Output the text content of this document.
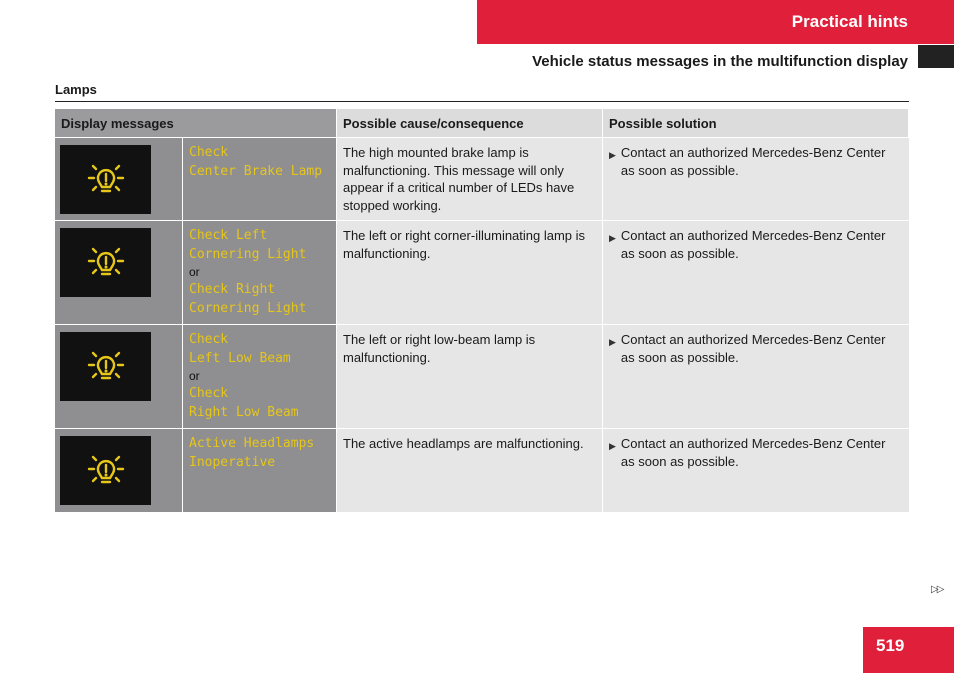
Practical hints
Vehicle status messages in the multifunction display
Lamps
Display messages		Possible cause/consequence	Possible solution

Check
Center Brake Lamp	The high mounted brake lamp is malfunctioning. This message will only appear if a critical number of LEDs have stopped working.	▶ Contact an authorized Mercedes-Benz Center as soon as possible.

Check Left
Cornering Light
or
Check Right
Cornering Light	The left or right corner-illuminating lamp is malfunctioning.	▶ Contact an authorized Mercedes-Benz Center as soon as possible.

Check
Left Low Beam
or
Check
Right Low Beam	The left or right low-beam lamp is malfunctioning.	▶ Contact an authorized Mercedes-Benz Center as soon as possible.

Active Headlamps
Inoperative	The active headlamps are malfunctioning.	▶ Contact an authorized Mercedes-Benz Center as soon as possible.
▷▷
519
